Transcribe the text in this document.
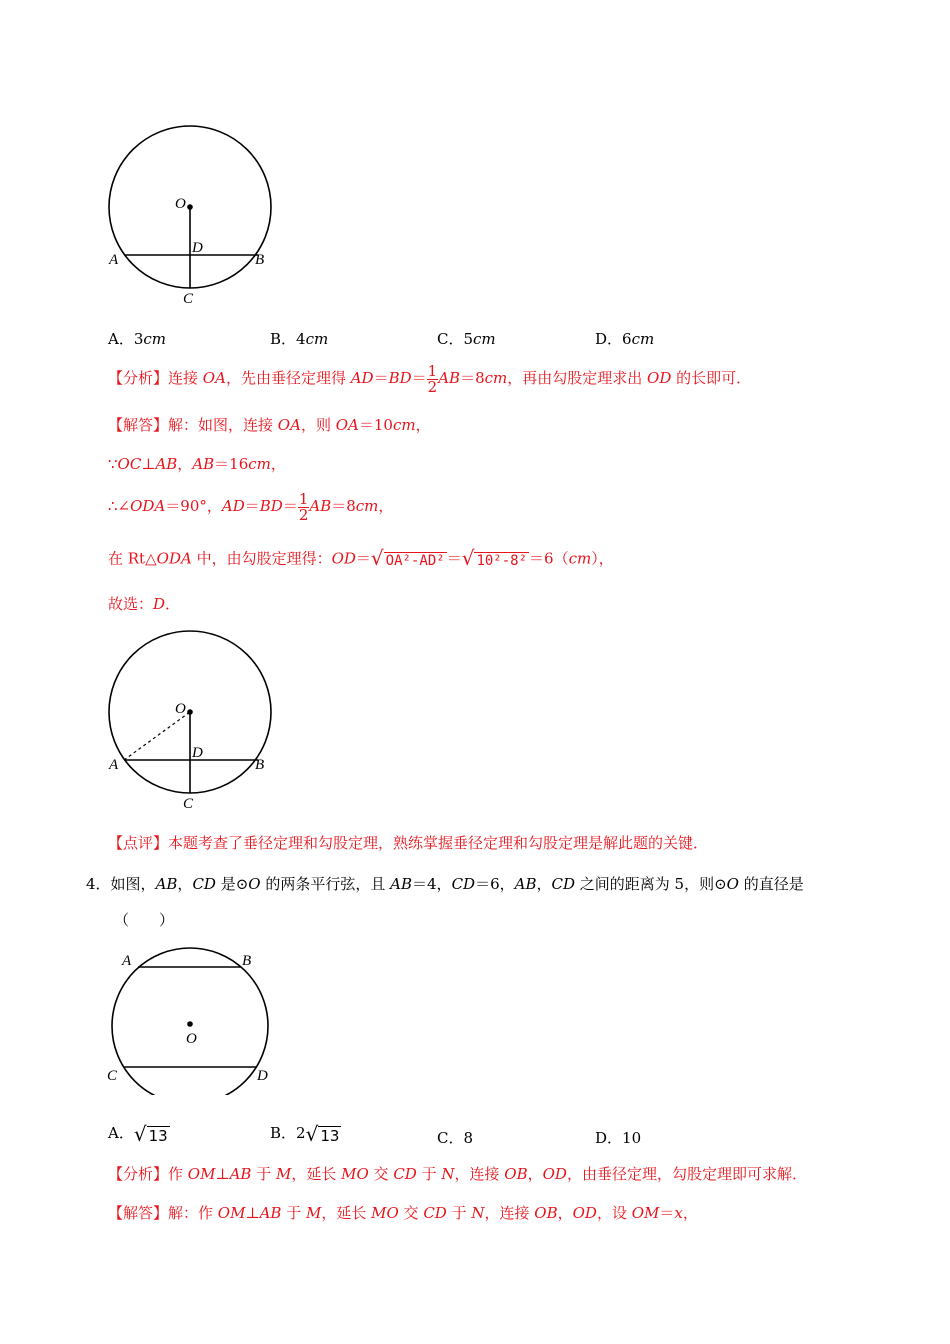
O
D
A	B
C
A．3cm	B．4cm	C．5cm	D．6cm
【分析】连接 OA，先由垂径定理得 $AD=BD= \frac{1}{2} AB=8cm$，再由勾股定理求出 OD 的长即可．
【解答】解：如图，连接 OA，则 OA＝10cm，
∵OC⊥AB，AB＝16cm，
∴∠ODA＝90°，$AD=BD= \frac{1}{2} AB=8cm$，
在 Rt△ODA 中，由勾股定理得：OD＝√ OA²-AD² ＝√ 10²-8² ＝6（cm），
故选：D．
O
D
A	B
C
【点评】本题考查了垂径定理和勾股定理，熟练掌握垂径定理和勾股定理是解此题的关键．
4．如图，AB，CD 是⊙O 的两条平行弦，且 AB＝4，CD＝6，AB，CD 之间的距离为 5，则⊙O 的直径是
（　　）
A	B
O
C	D
A．√ 13	B．2√ 13	C．8	D．10
【分析】作 OM⊥AB 于 M，延长 MO 交 CD 于 N，连接 OB，OD，由垂径定理，勾股定理即可求解．
【解答】解：作 OM⊥AB 于 M，延长 MO 交 CD 于 N，连接 OB，OD，设 OM＝x，
